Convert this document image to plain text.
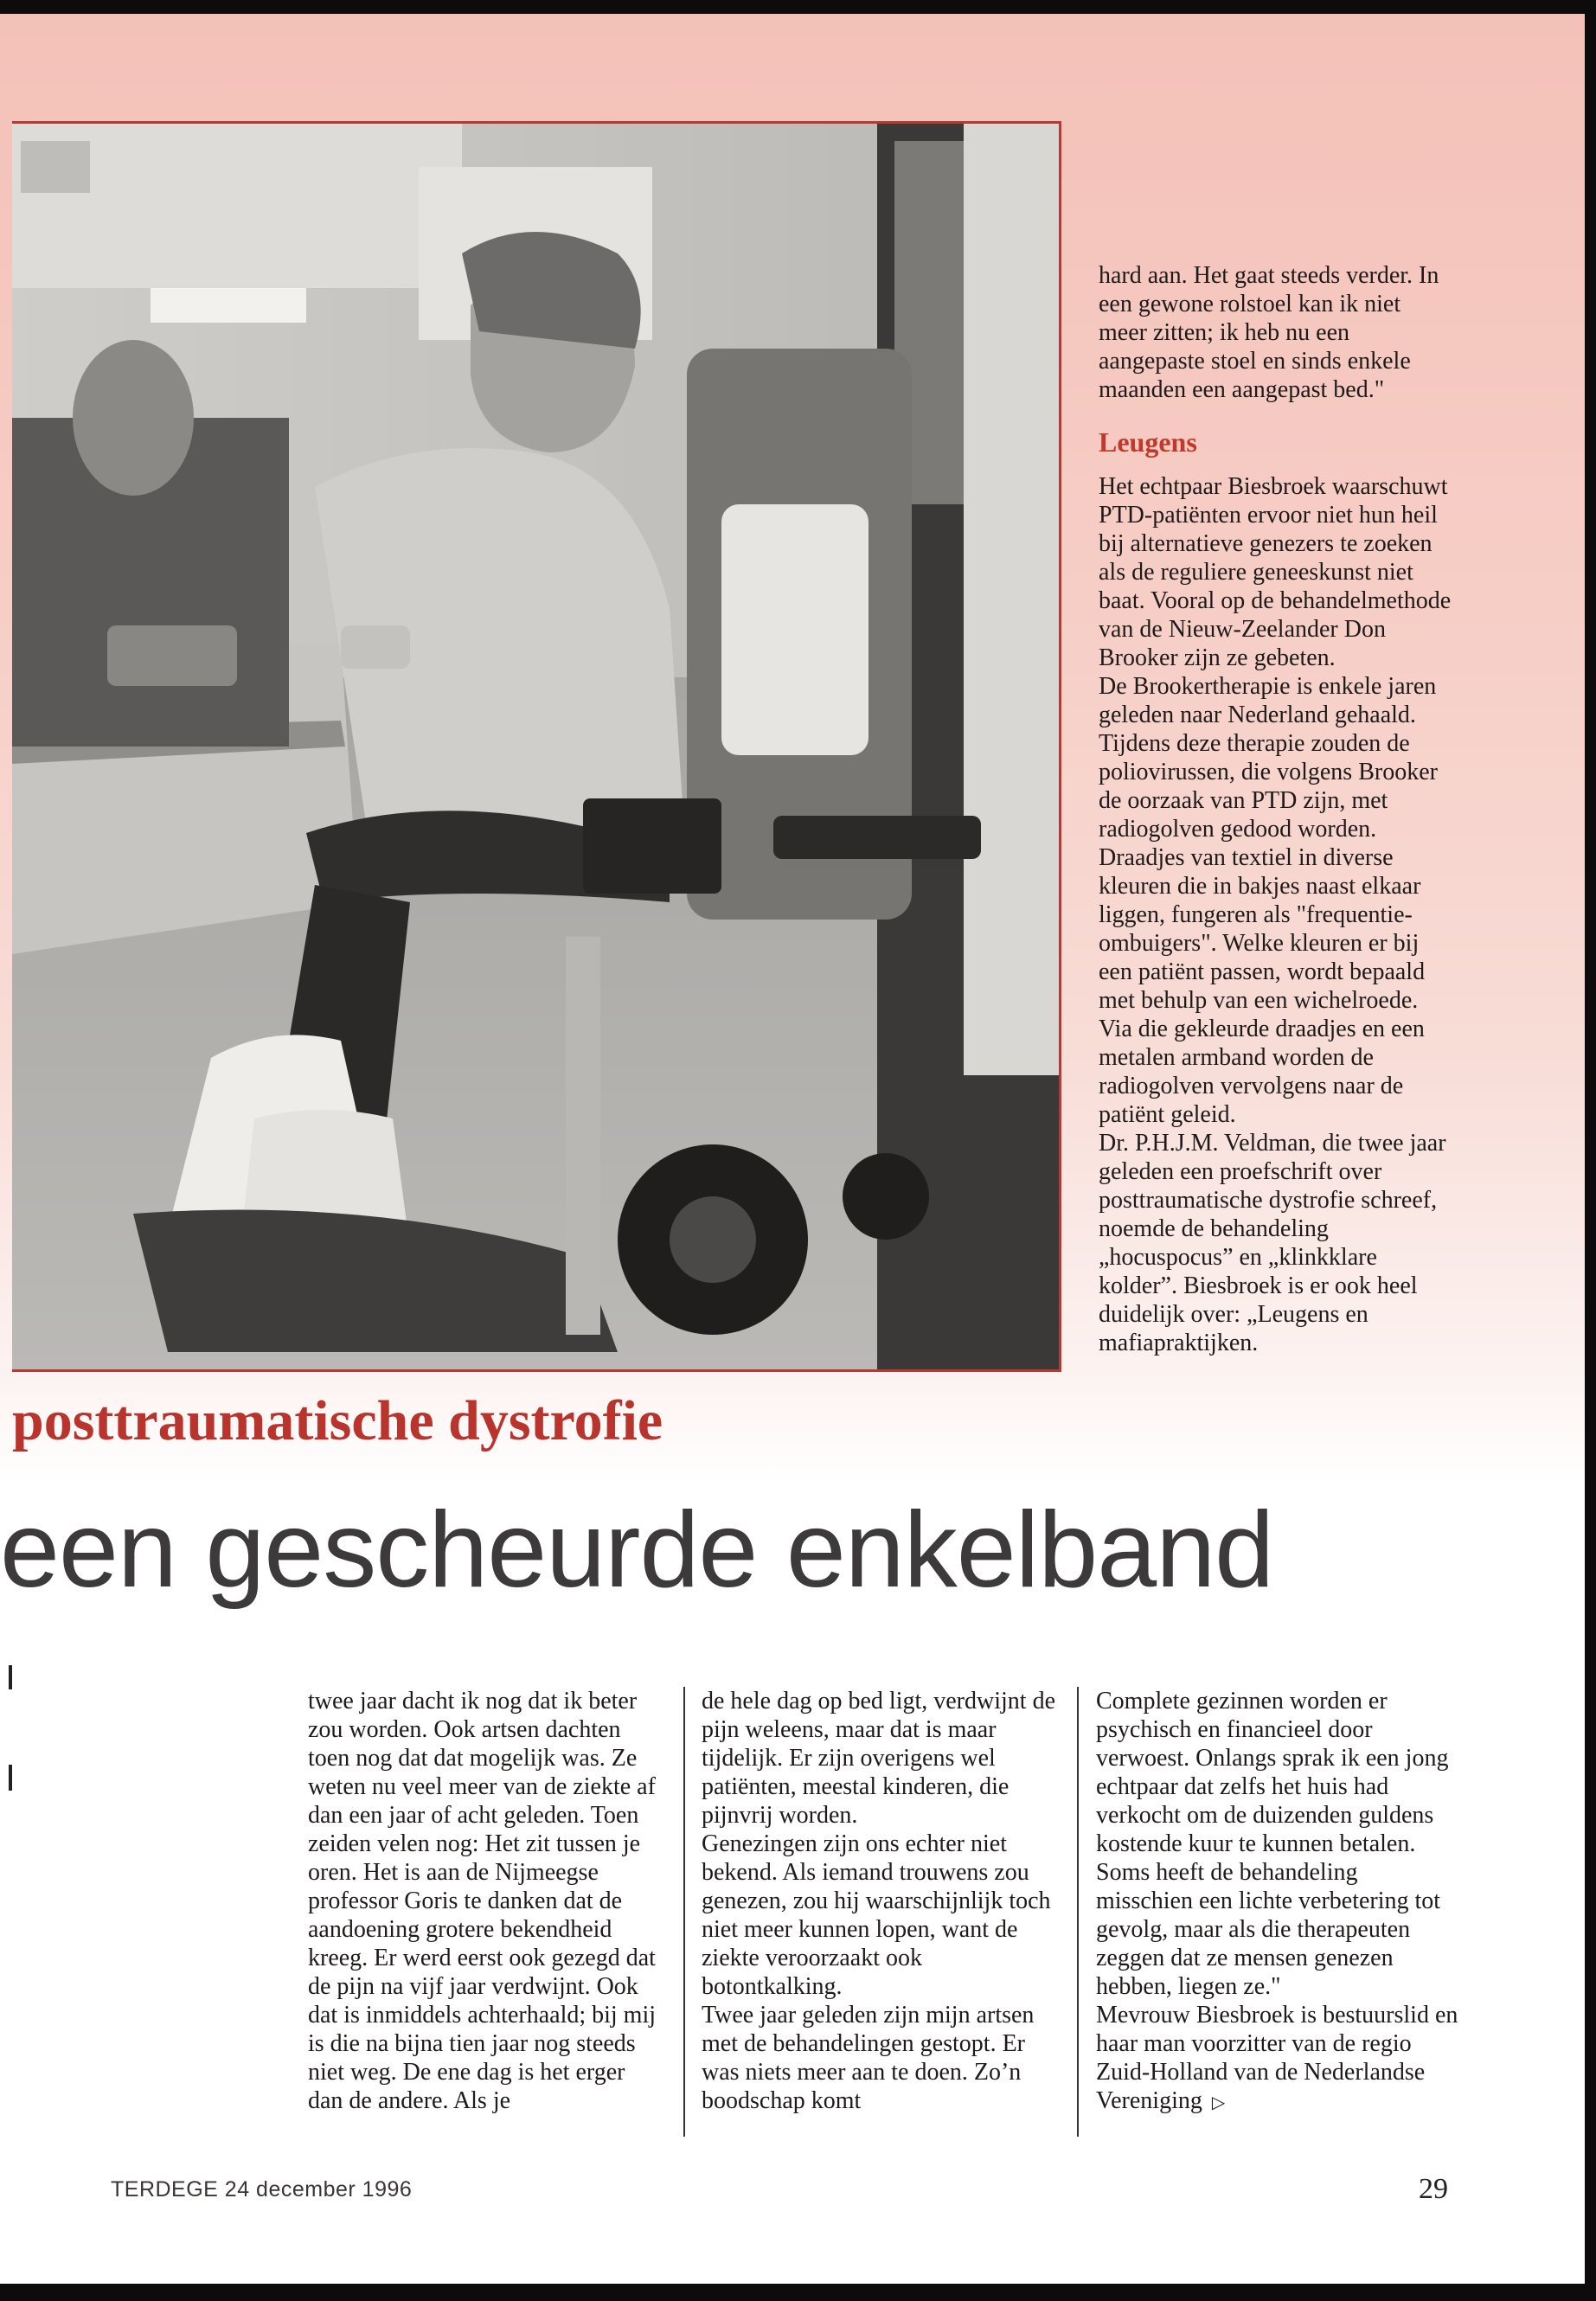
hard aan. Het gaat steeds verder. In een gewone rolstoel kan ik niet meer zitten; ik heb nu een aangepaste stoel en sinds enkele maanden een aangepast bed."

Leugens

Het echtpaar Biesbroek waarschuwt PTD-patiënten ervoor niet hun heil bij alternatieve genezers te zoeken als de reguliere geneeskunst niet baat. Vooral op de behandelmethode van de Nieuw-Zeelander Don Brooker zijn ze gebeten.

De Brookertherapie is enkele jaren geleden naar Nederland gehaald. Tijdens deze therapie zouden de poliovirussen, die volgens Brooker de oorzaak van PTD zijn, met radiogolven gedood worden. Draadjes van textiel in diverse kleuren die in bakjes naast elkaar liggen, fungeren als "frequentie-ombuigers". Welke kleuren er bij een patiënt passen, wordt bepaald met behulp van een wichelroede. Via die gekleurde draadjes en een metalen armband worden de radiogolven vervolgens naar de patiënt geleid.

Dr. P.H.J.M. Veldman, die twee jaar geleden een proefschrift over posttraumatische dystrofie schreef, noemde de behandeling „hocuspocus” en „klinkklare kolder”. Biesbroek is er ook heel duidelijk over: „Leugens en mafiapraktijken.

posttraumatische dystrofie
een gescheurde enkelband

twee jaar dacht ik nog dat ik beter zou worden. Ook artsen dachten toen nog dat dat mogelijk was. Ze weten nu veel meer van de ziekte af dan een jaar of acht geleden. Toen zeiden velen nog: Het zit tussen je oren. Het is aan de Nijmeegse professor Goris te danken dat de aandoening grotere bekendheid kreeg. Er werd eerst ook gezegd dat de pijn na vijf jaar verdwijnt. Ook dat is inmiddels achterhaald; bij mij is die na bijna tien jaar nog steeds niet weg. De ene dag is het erger dan de andere. Als je

de hele dag op bed ligt, verdwijnt de pijn weleens, maar dat is maar tijdelijk. Er zijn overigens wel patiënten, meestal kinderen, die pijnvrij worden.

Genezingen zijn ons echter niet bekend. Als iemand trouwens zou genezen, zou hij waarschijnlijk toch niet meer kunnen lopen, want de ziekte veroorzaakt ook botontkalking.

Twee jaar geleden zijn mijn artsen met de behandelingen gestopt. Er was niets meer aan te doen. Zo’n boodschap komt

Complete gezinnen worden er psychisch en financieel door verwoest. Onlangs sprak ik een jong echtpaar dat zelfs het huis had verkocht om de duizenden guldens kostende kuur te kunnen betalen. Soms heeft de behandeling misschien een lichte verbetering tot gevolg, maar als die therapeuten zeggen dat ze mensen genezen hebben, liegen ze."

Mevrouw Biesbroek is bestuurslid en haar man voorzitter van de regio Zuid-Holland van de Nederlandse Vereniging ▷

TERDEGE 24 december 1996	29
